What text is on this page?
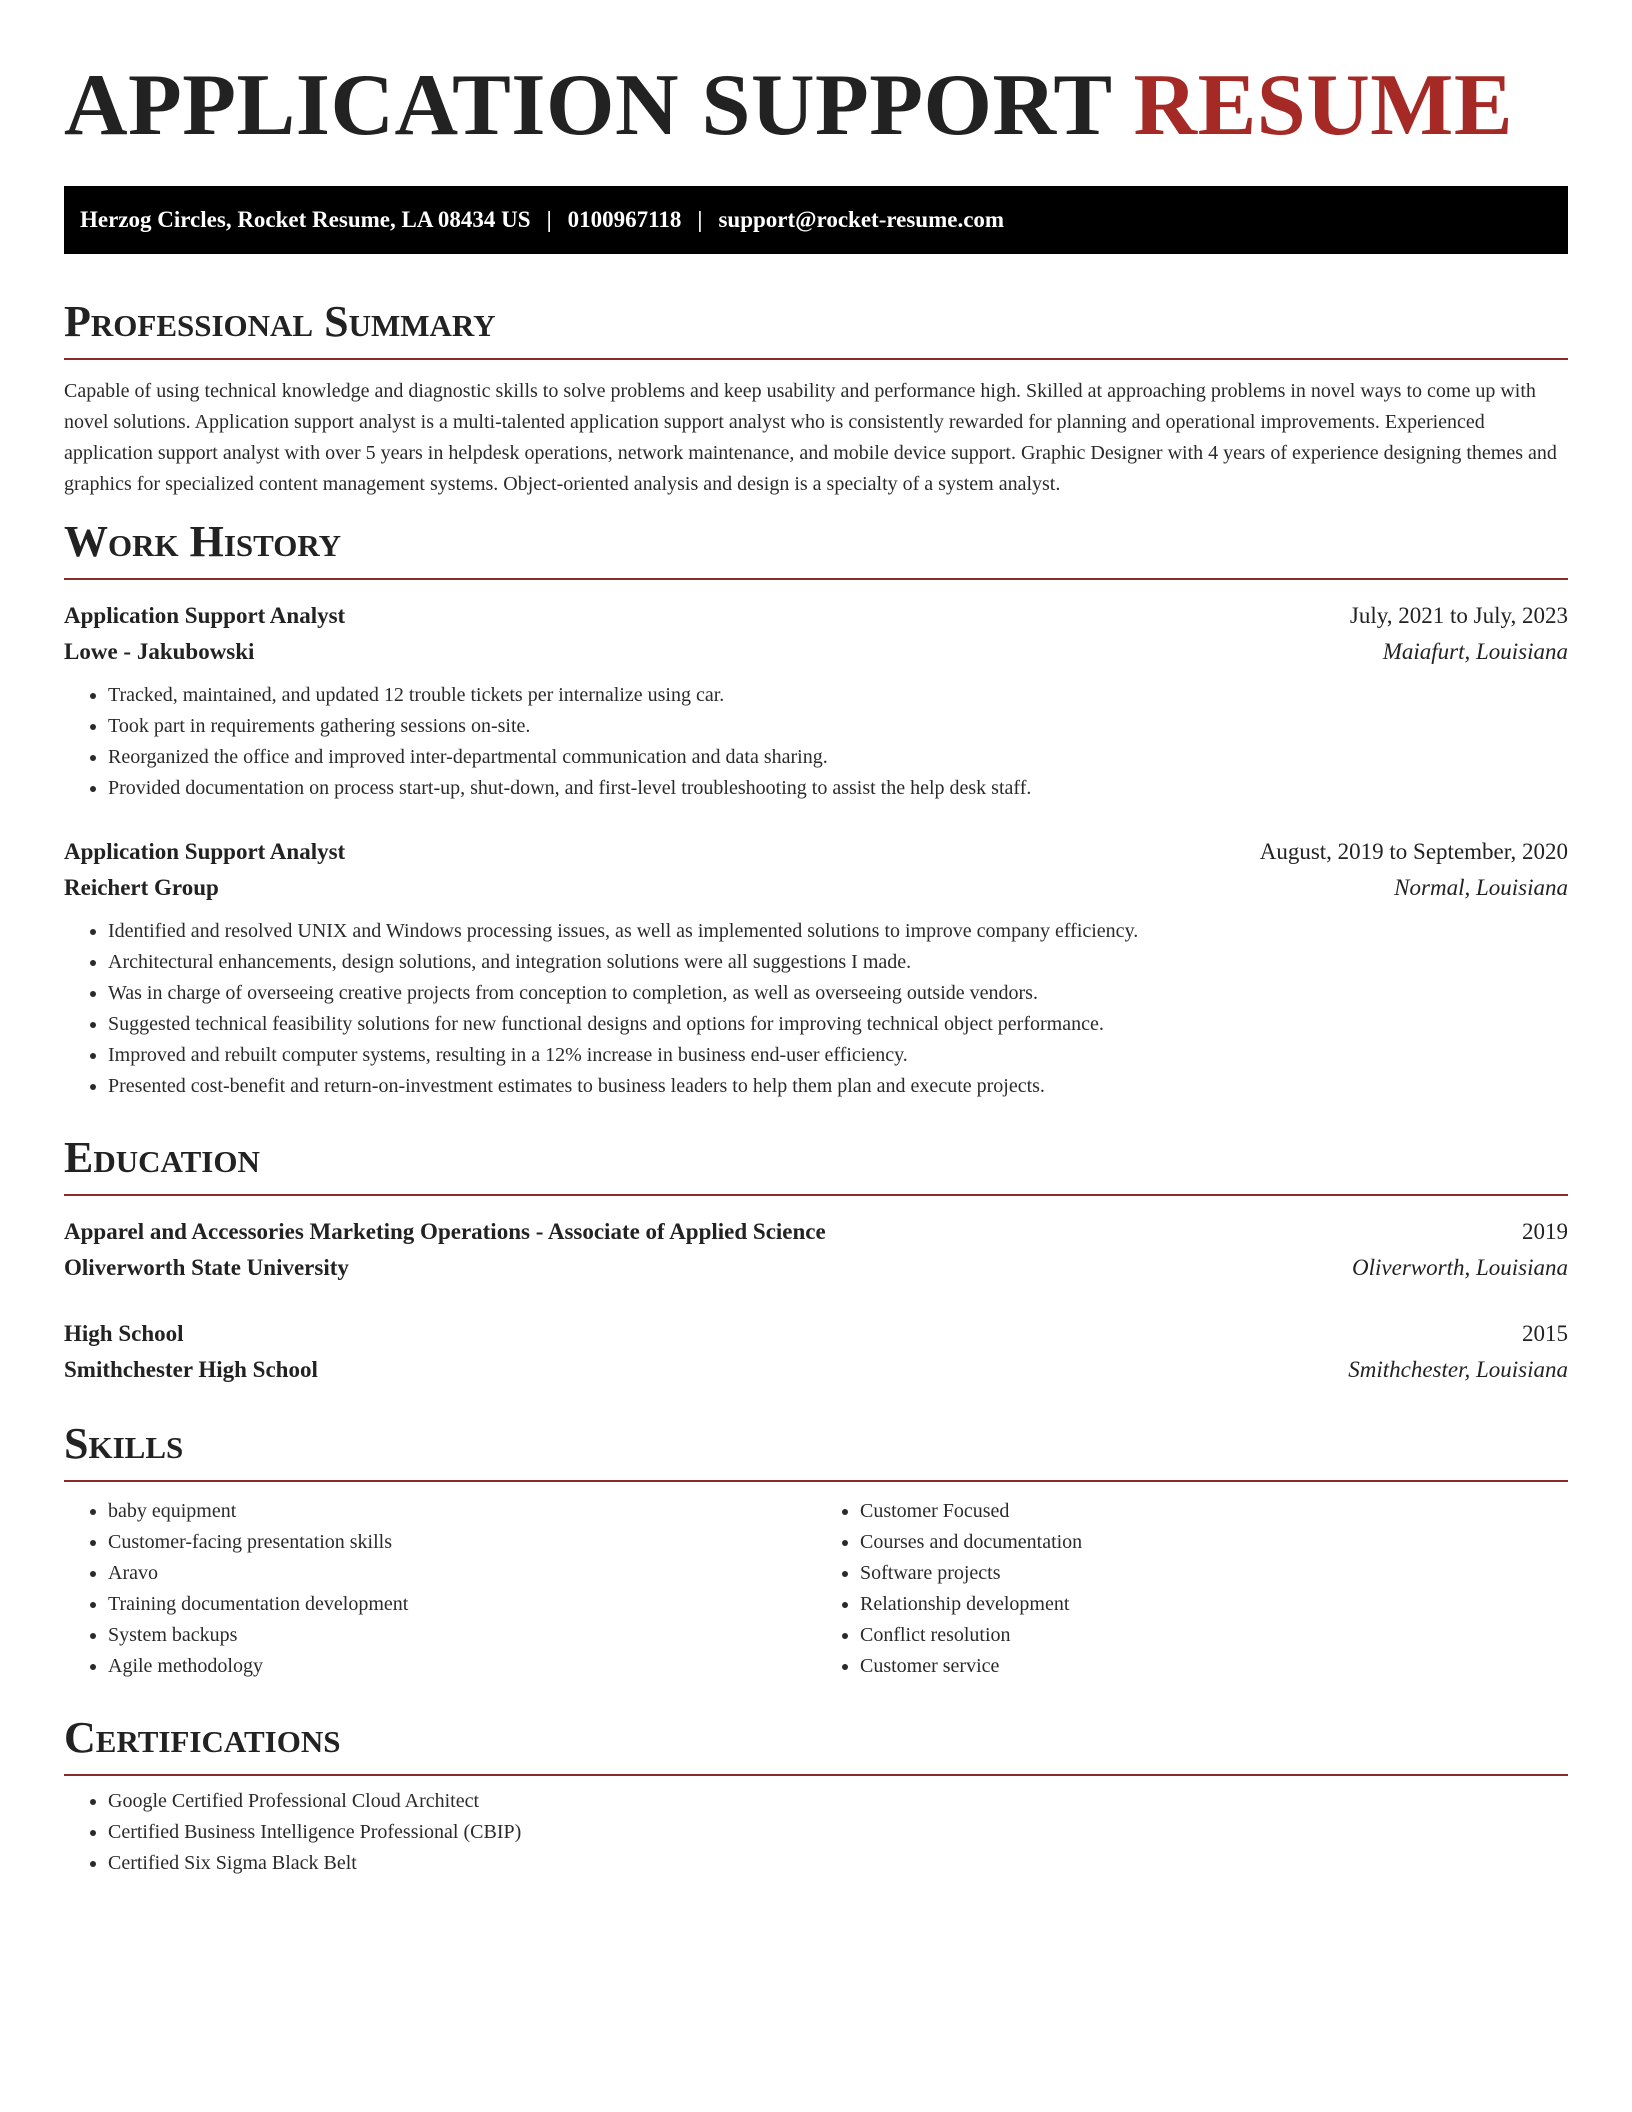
APPLICATION SUPPORT RESUME
Herzog Circles, Rocket Resume, LA 08434 US | 0100967118 | support@rocket-resume.com
Professional Summary

Capable of using technical knowledge and diagnostic skills to solve problems and keep usability and performance high. Skilled at approaching problems in novel ways to come up with novel solutions. Application support analyst is a multi-talented application support analyst who is consistently rewarded for planning and operational improvements. Experienced application support analyst with over 5 years in helpdesk operations, network maintenance, and mobile device support. Graphic Designer with 4 years of experience designing themes and graphics for specialized content management systems. Object-oriented analysis and design is a specialty of a system analyst.

Work History
Application Support Analyst	July, 2021 to July, 2023
Lowe - Jakubowski	Maiafurt, Louisiana
• Tracked, maintained, and updated 12 trouble tickets per internalize using car.
• Took part in requirements gathering sessions on-site.
• Reorganized the office and improved inter-departmental communication and data sharing.
• Provided documentation on process start-up, shut-down, and first-level troubleshooting to assist the help desk staff.
Application Support Analyst	August, 2019 to September, 2020
Reichert Group	Normal, Louisiana
• Identified and resolved UNIX and Windows processing issues, as well as implemented solutions to improve company efficiency.
• Architectural enhancements, design solutions, and integration solutions were all suggestions I made.
• Was in charge of overseeing creative projects from conception to completion, as well as overseeing outside vendors.
• Suggested technical feasibility solutions for new functional designs and options for improving technical object performance.
• Improved and rebuilt computer systems, resulting in a 12% increase in business end-user efficiency.
• Presented cost-benefit and return-on-investment estimates to business leaders to help them plan and execute projects.
Education
Apparel and Accessories Marketing Operations - Associate of Applied Science	2019
Oliverworth State University	Oliverworth, Louisiana
High School	2015
Smithchester High School	Smithchester, Louisiana
Skills
• baby equipment
• Customer-facing presentation skills
• Aravo
• Training documentation development
• System backups
• Agile methodology
• Customer Focused
• Courses and documentation
• Software projects
• Relationship development
• Conflict resolution
• Customer service
Certifications
• Google Certified Professional Cloud Architect
• Certified Business Intelligence Professional (CBIP)
• Certified Six Sigma Black Belt
